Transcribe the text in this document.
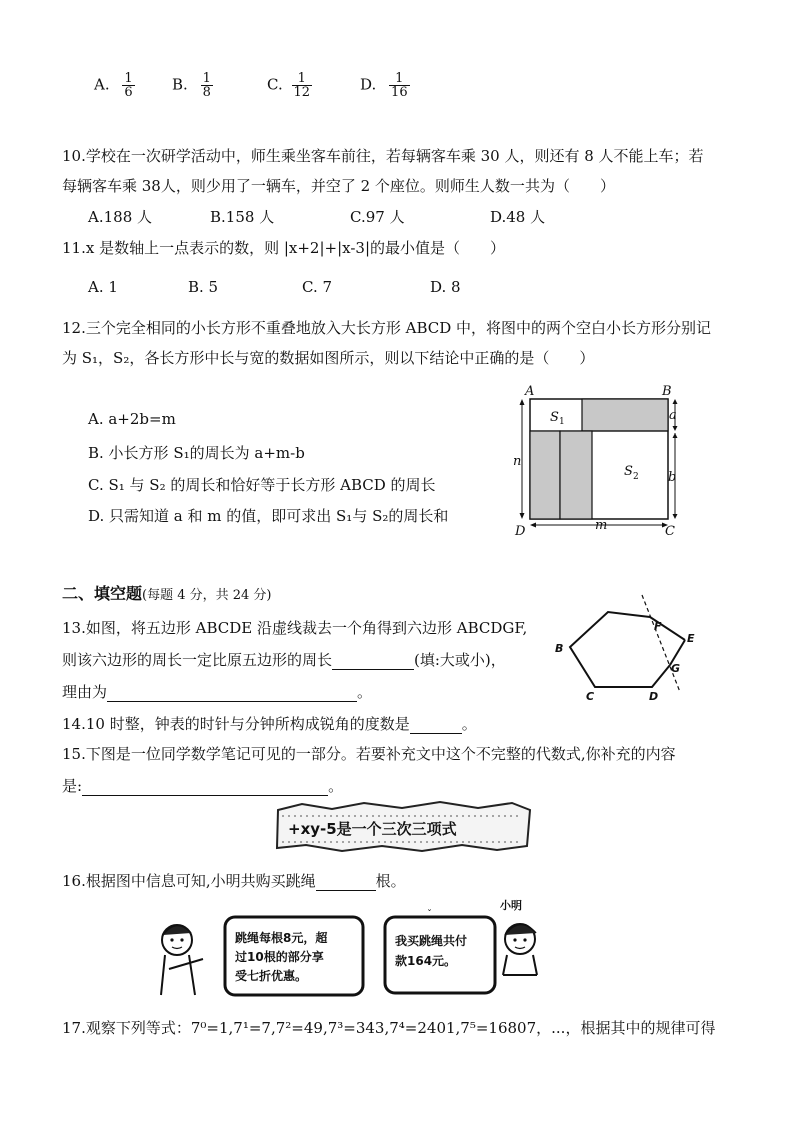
A. $\frac{1}{6} B$. $\frac{1}{8}$	C. $\frac{1}{12}$	D. $\frac{1}{16}$
10.学校在一次研学活动中，师生乘坐客车前往，若每辆客车乘 30 人，则还有 8 人不能上车；若
每辆客车乘 38人，则少用了一辆车，并空了 2 个座位。则师生人数一共为（　　）
A.188 人	B.158 人	C.97 人	D.48 人
11.x 是数轴上一点表示的数，则 |x+2|+|x-3|的最小值是（　　）
A. 1	B. 5	C. 7	D. 8
12.三个完全相同的小长方形不重叠地放入大长方形 ABCD 中，将图中的两个空白小长方形分别记
为 S₁，S₂，各长方形中长与宽的数据如图所示，则以下结论中正确的是（　　）
A. a+2b=m
B. 小长方形 S₁的周长为 a+m-b
C. S₁ 与 S₂ 的周长和恰好等于长方形 ABCD 的周长
D. 只需知道 a 和 m 的值，即可求出 S₁与 S₂的周长和
A	B
C
D
S 1
S 2
a
b
m
n
二、填空题(每题 4 分，共 24 分)
13.如图，将五边形 ABCDE 沿虚线裁去一个角得到六边形 ABCDGF,
则该六边形的周长一定比原五边形的周长	(填:大或小)，
理由为	。
B
C	D
E
F
G
14.10 时整，钟表的时针与分钟所构成锐角的度数是	。
15.下图是一位同学数学笔记可见的一部分。若要补充文中这个不完整的代数式,你补充的内容
是:	。
+xy-5是一个三次三项式
16.根据图中信息可知,小明共购买跳绳	根。
跳绳每根8元，超
过10根的部分享
受七折优惠。
我买跳绳共付
款164元。
ˇ
小明
17.观察下列等式：7⁰=1,7¹=7,7²=49,7³=343,7⁴=2401,7⁵=16807，...，根据其中的规律可得
